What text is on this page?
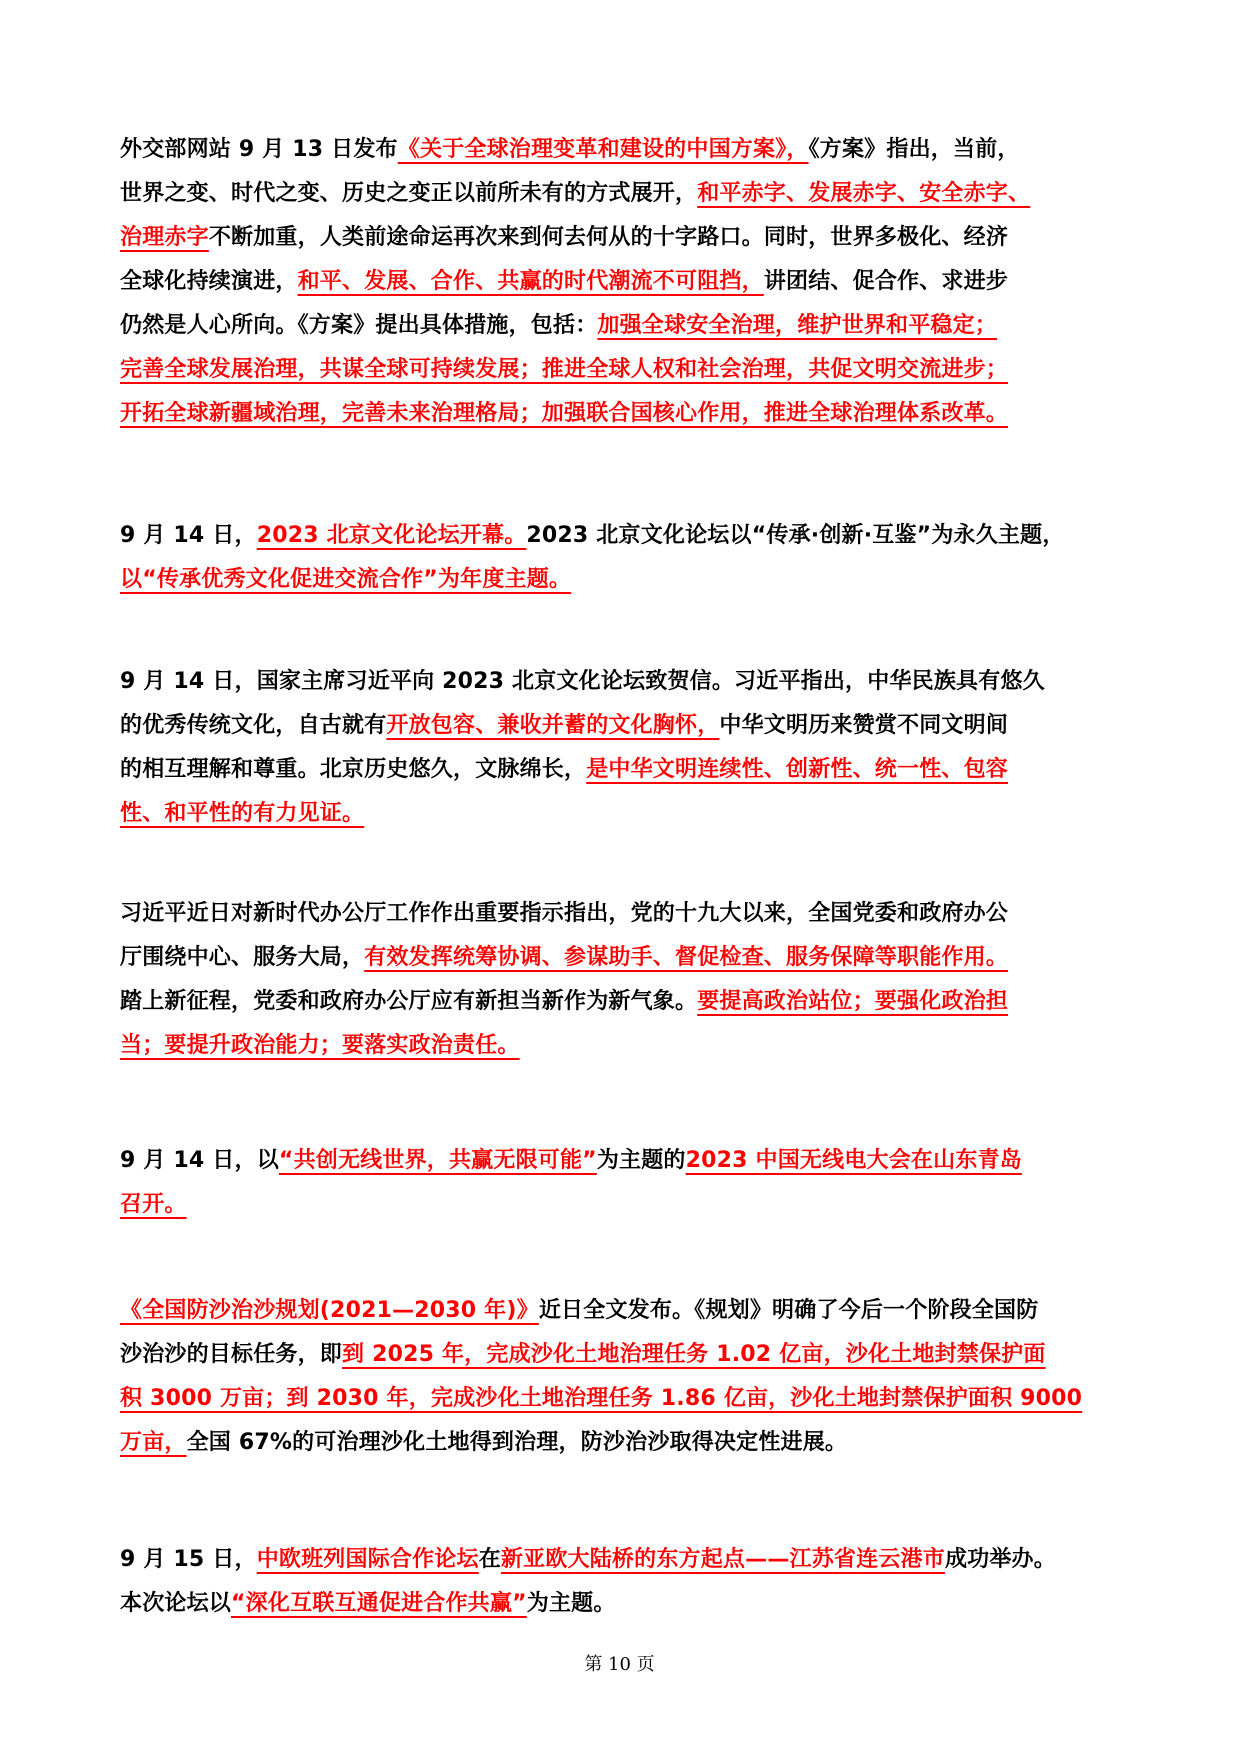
外交部网站 9 月 13 日发布《关于全球治理变革和建设的中国方案》，《方案》指出，当前，
世界之变、时代之变、历史之变正以前所未有的方式展开，和平赤字、发展赤字、安全赤字、
治理赤字不断加重，人类前途命运再次来到何去何从的十字路口。同时，世界多极化、经济
全球化持续演进，和平、发展、合作、共赢的时代潮流不可阻挡，讲团结、促合作、求进步
仍然是人心所向。《方案》提出具体措施，包括：加强全球安全治理，维护世界和平稳定；
完善全球发展治理，共谋全球可持续发展；推进全球人权和社会治理，共促文明交流进步；
开拓全球新疆域治理，完善未来治理格局；加强联合国核心作用，推进全球治理体系改革。
9 月 14 日，2023 北京文化论坛开幕。2023 北京文化论坛以“传承·创新·互鉴”为永久主题，
以“传承优秀文化促进交流合作”为年度主题。
9 月 14 日，国家主席习近平向 2023 北京文化论坛致贺信。习近平指出，中华民族具有悠久
的优秀传统文化，自古就有开放包容、兼收并蓄的文化胸怀，中华文明历来赞赏不同文明间
的相互理解和尊重。北京历史悠久，文脉绵长，是中华文明连续性、创新性、统一性、包容
性、和平性的有力见证。
习近平近日对新时代办公厅工作作出重要指示指出，党的十九大以来，全国党委和政府办公
厅围绕中心、服务大局，有效发挥统筹协调、参谋助手、督促检查、服务保障等职能作用。
踏上新征程，党委和政府办公厅应有新担当新作为新气象。要提高政治站位；要强化政治担
当；要提升政治能力；要落实政治责任。
9 月 14 日，以“共创无线世界，共赢无限可能”为主题的2023 中国无线电大会在山东青岛
召开。
《全国防沙治沙规划(2021—2030 年)》近日全文发布。《规划》明确了今后一个阶段全国防
沙治沙的目标任务，即到 2025 年，完成沙化土地治理任务 1.02 亿亩，沙化土地封禁保护面
积 3000 万亩；到 2030 年，完成沙化土地治理任务 1.86 亿亩，沙化土地封禁保护面积 9000
万亩，全国 67%的可治理沙化土地得到治理，防沙治沙取得决定性进展。
9 月 15 日，中欧班列国际合作论坛在新亚欧大陆桥的东方起点——江苏省连云港市成功举办。
本次论坛以“深化互联互通促进合作共赢”为主题。
第 10 页
